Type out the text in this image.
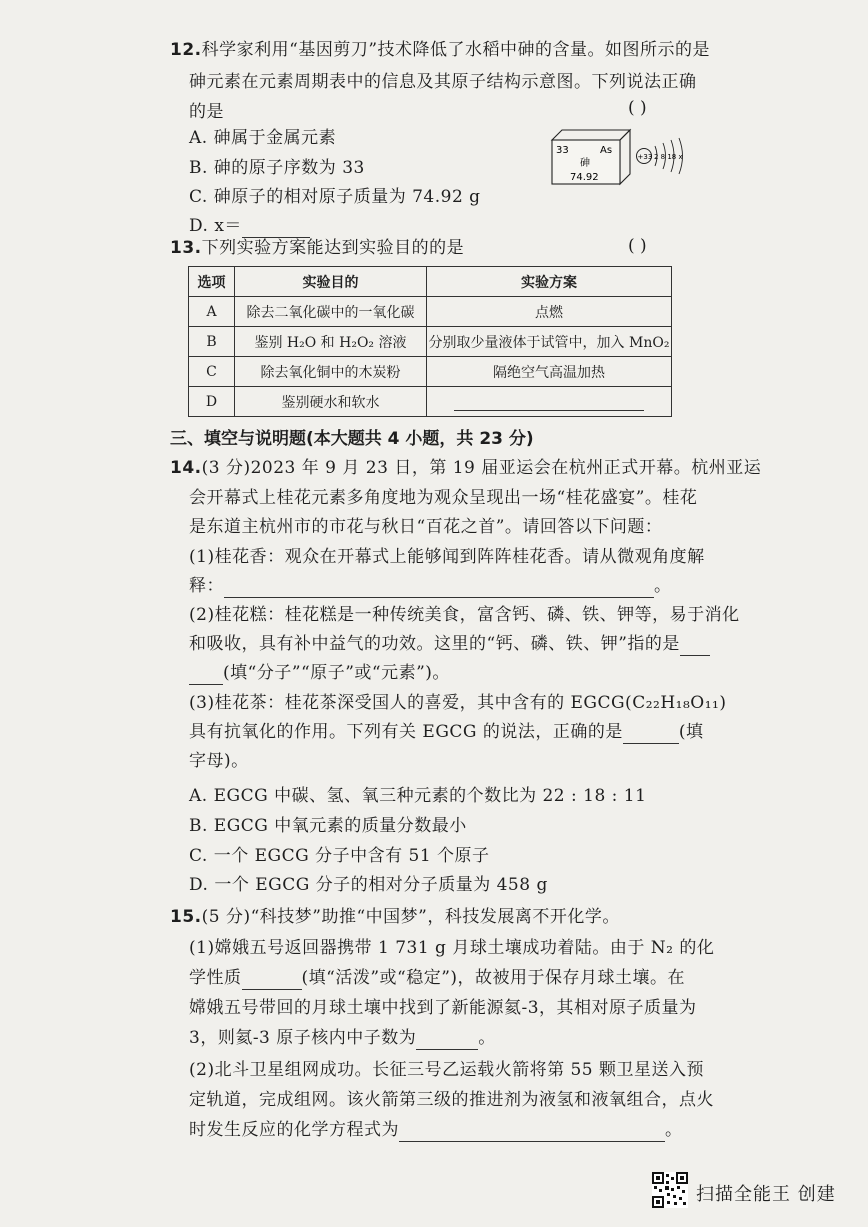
12.科学家利用“基因剪刀”技术降低了水稻中砷的含量。如图所示的是
砷元素在元素周期表中的信息及其原子结构示意图。下列说法正确
的是	( )
A. 砷属于金属元素
B. 砷的原子序数为 33
C. 砷原子的相对原子质量为 74.92 g
D. x＝
33	As
砷
74.92
+33 2 8 18 x
13.下列实验方案能达到实验目的的是	( )
选项	实验目的	实验方案
A	除去二氧化碳中的一氧化碳	点燃
B	鉴别 H₂O 和 H₂O₂ 溶液	分别取少量液体于试管中，加入 MnO₂
C	除去氧化铜中的木炭粉	隔绝空气高温加热
D	鉴别硬水和软水	
三、填空与说明题(本大题共 4 小题，共 23 分)
14.(3 分)2023 年 9 月 23 日，第 19 届亚运会在杭州正式开幕。杭州亚运
会开幕式上桂花元素多角度地为观众呈现出一场“桂花盛宴”。桂花
是东道主杭州市的市花与秋日“百花之首”。请回答以下问题：
(1)桂花香：观众在开幕式上能够闻到阵阵桂花香。请从微观角度解
释：	。
(2)桂花糕：桂花糕是一种传统美食，富含钙、磷、铁、钾等，易于消化
和吸收，具有补中益气的功效。这里的“钙、磷、铁、钾”指的是
(填“分子”“原子”或“元素”)。
(3)桂花茶：桂花茶深受国人的喜爱，其中含有的 EGCG(C₂₂H₁₈O₁₁)
具有抗氧化的作用。下列有关 EGCG 的说法，正确的是	(填
字母)。
A. EGCG 中碳、氢、氧三种元素的个数比为 22 : 18 : 11
B. EGCG 中氧元素的质量分数最小
C. 一个 EGCG 分子中含有 51 个原子
D. 一个 EGCG 分子的相对分子质量为 458 g
15.(5 分)“科技梦”助推“中国梦”，科技发展离不开化学。
(1)嫦娥五号返回器携带 1 731 g 月球土壤成功着陆。由于 N₂ 的化
学性质	(填“活泼”或“稳定”)，故被用于保存月球土壤。在
嫦娥五号带回的月球土壤中找到了新能源氦-3，其相对原子质量为
3，则氦-3 原子核内中子数为	。
(2)北斗卫星组网成功。长征三号乙运载火箭将第 55 颗卫星送入预
定轨道，完成组网。该火箭第三级的推进剂为液氢和液氧组合，点火
时发生反应的化学方程式为	。
扫描全能王 创建
